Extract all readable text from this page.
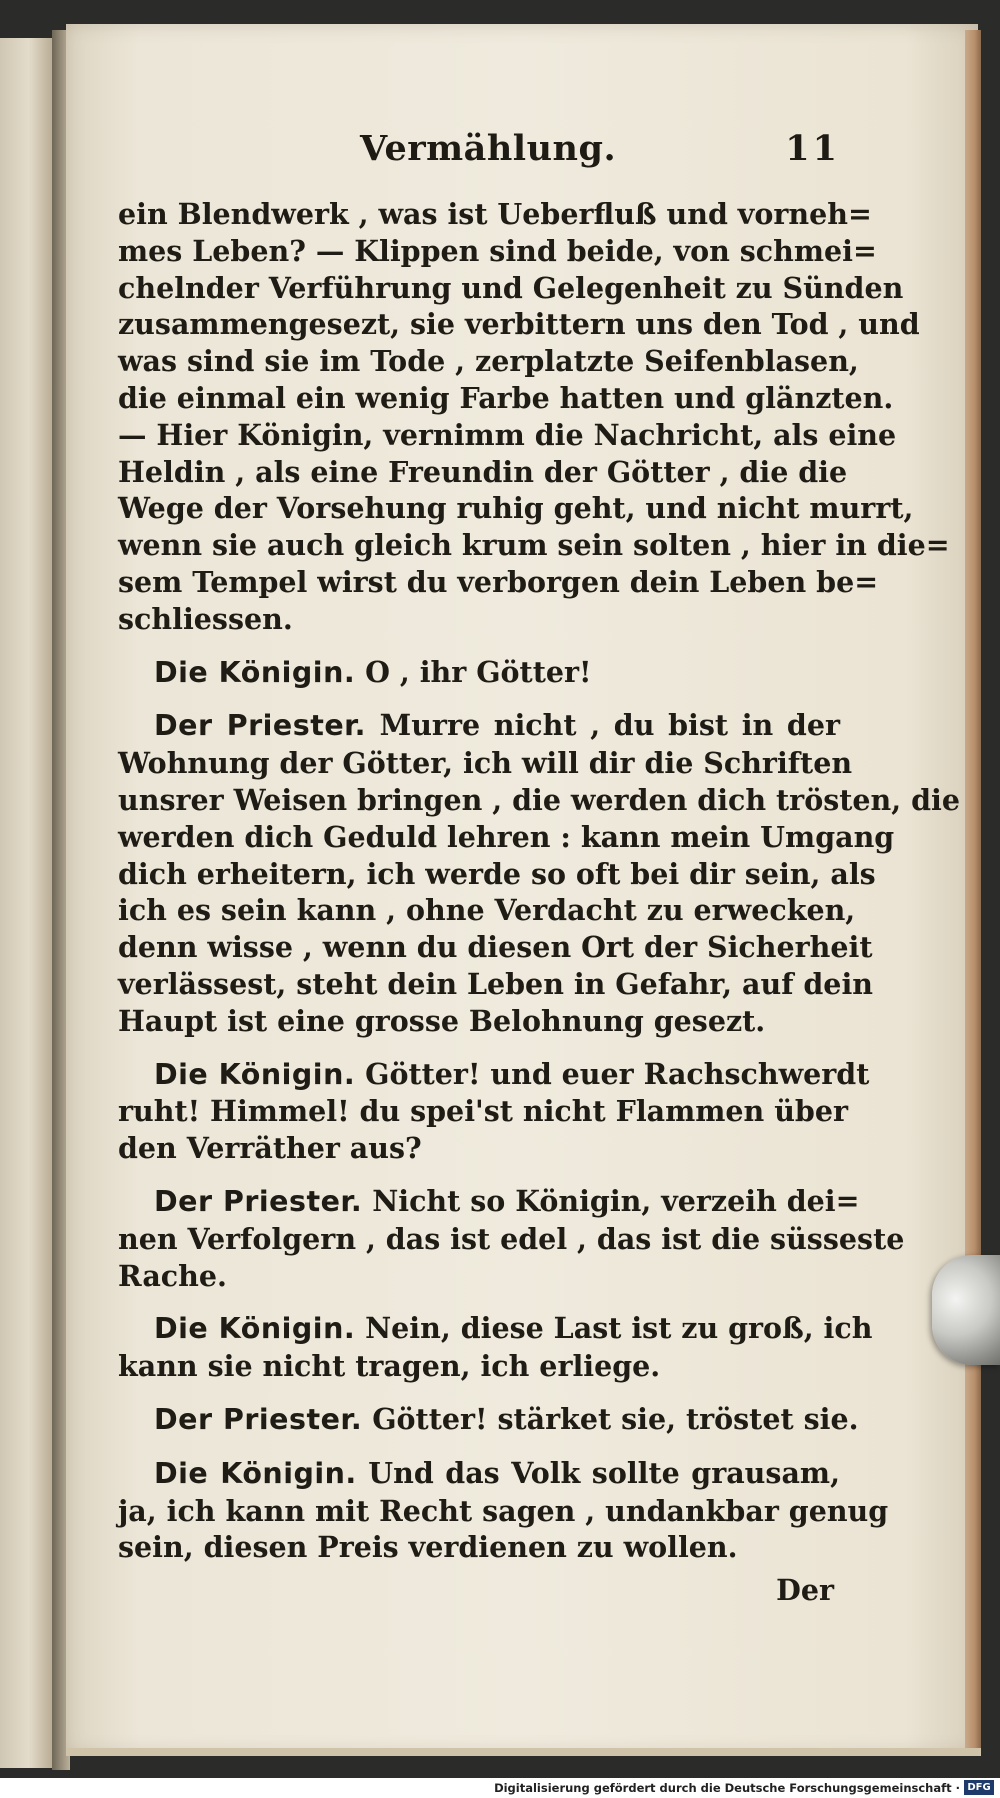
Vermählung.	11
ein Blendwerk , was ist Ueberfluß und vorneh=
mes Leben? — Klippen sind beide, von schmei=
chelnder Verführung und Gelegenheit zu Sünden
zusammengesezt, sie verbittern uns den Tod , und
was sind sie im Tode , zerplatzte Seifenblasen,
die einmal ein wenig Farbe hatten und glänzten.
— Hier Königin, vernimm die Nachricht, als eine
Heldin , als eine Freundin der Götter , die die
Wege der Vorsehung ruhig geht, und nicht murrt,
wenn sie auch gleich krum sein solten , hier in die=
sem Tempel wirst du verborgen dein Leben be=
schliessen.
Die Königin. O , ihr Götter!
Der Priester. Murre nicht , du bist in der
Wohnung der Götter, ich will dir die Schriften
unsrer Weisen bringen , die werden dich trösten, die
werden dich Geduld lehren : kann mein Umgang
dich erheitern, ich werde so oft bei dir sein, als
ich es sein kann , ohne Verdacht zu erwecken,
denn wisse , wenn du diesen Ort der Sicherheit
verlässest, steht dein Leben in Gefahr, auf dein
Haupt ist eine grosse Belohnung gesezt.
Die Königin. Götter! und euer Rachschwerdt
ruht! Himmel! du spei'st nicht Flammen über
den Verräther aus?
Der Priester. Nicht so Königin, verzeih dei=
nen Verfolgern , das ist edel , das ist die süsseste
Rache.
Die Königin. Nein, diese Last ist zu groß, ich
kann sie nicht tragen, ich erliege.
Der Priester. Götter! stärket sie, tröstet sie.
Die Königin. Und das Volk sollte grausam,
ja, ich kann mit Recht sagen , undankbar genug
sein, diesen Preis verdienen zu wollen.
Der
Digitalisierung gefördert durch die Deutsche Forschungsgemeinschaft · DFG
